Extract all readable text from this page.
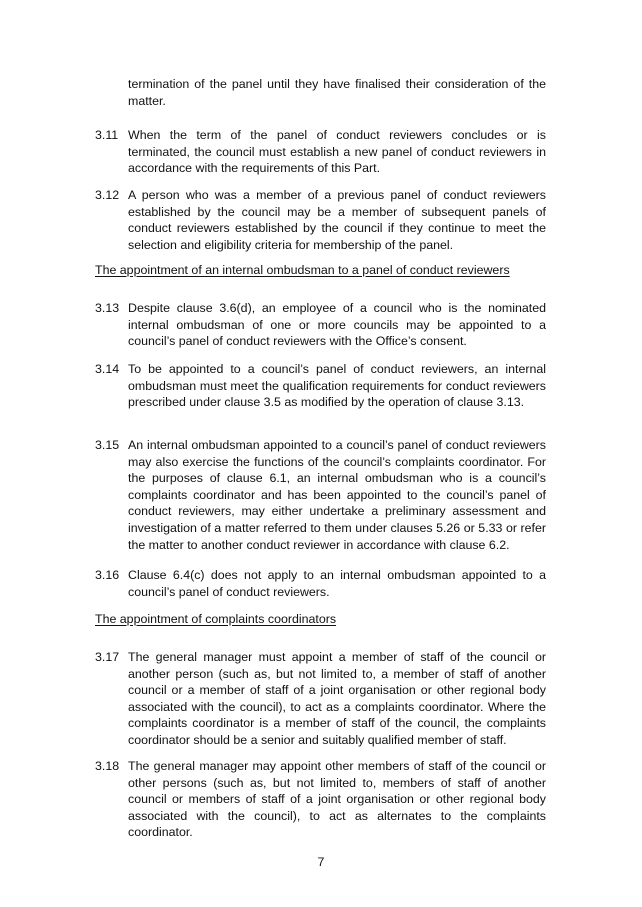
termination of the panel until they have finalised their consideration of the matter.

3.11 When the term of the panel of conduct reviewers concludes or is terminated, the council must establish a new panel of conduct reviewers in accordance with the requirements of this Part.
3.12 A person who was a member of a previous panel of conduct reviewers established by the council may be a member of subsequent panels of conduct reviewers established by the council if they continue to meet the selection and eligibility criteria for membership of the panel.

The appointment of an internal ombudsman to a panel of conduct reviewers

3.13 Despite clause 3.6(d), an employee of a council who is the nominated internal ombudsman of one or more councils may be appointed to a council’s panel of conduct reviewers with the Office’s consent.
3.14 To be appointed to a council’s panel of conduct reviewers, an internal ombudsman must meet the qualification requirements for conduct reviewers prescribed under clause 3.5 as modified by the operation of clause 3.13.
3.15 An internal ombudsman appointed to a council’s panel of conduct reviewers may also exercise the functions of the council’s complaints coordinator. For the purposes of clause 6.1, an internal ombudsman who is a council’s complaints coordinator and has been appointed to the council’s panel of conduct reviewers, may either undertake a preliminary assessment and investigation of a matter referred to them under clauses 5.26 or 5.33 or refer the matter to another conduct reviewer in accordance with clause 6.2.
3.16 Clause 6.4(c) does not apply to an internal ombudsman appointed to a council’s panel of conduct reviewers.

The appointment of complaints coordinators

3.17 The general manager must appoint a member of staff of the council or another person (such as, but not limited to, a member of staff of another council or a member of staff of a joint organisation or other regional body associated with the council), to act as a complaints coordinator. Where the complaints coordinator is a member of staff of the council, the complaints coordinator should be a senior and suitably qualified member of staff.
3.18 The general manager may appoint other members of staff of the council or other persons (such as, but not limited to, members of staff of another council or members of staff of a joint organisation or other regional body associated with the council), to act as alternates to the complaints coordinator.

7
